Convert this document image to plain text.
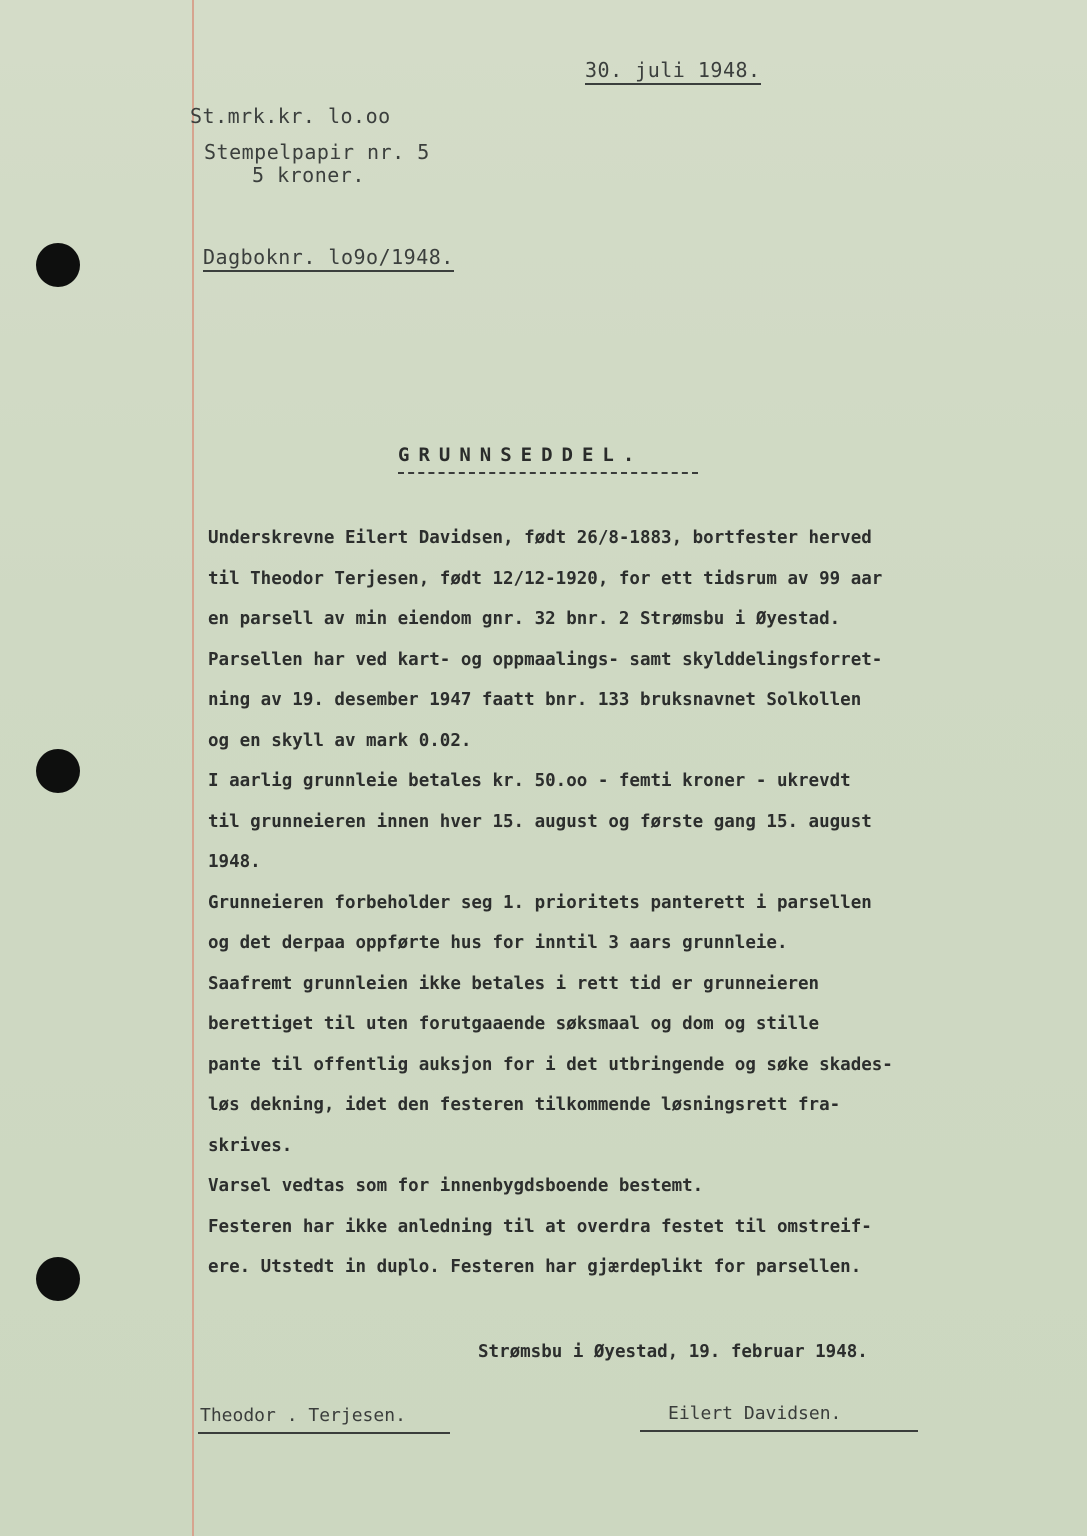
30. juli 1948.
St.mrk.kr. lo.oo
Stempelpapir nr. 5
5 kroner.
Dagboknr. lo9o/1948.
GRUNNSEDDEL.
Underskrevne Eilert Davidsen, født 26/8-1883, bortfester herved
til Theodor Terjesen, født 12/12-1920, for ett tidsrum av 99 aar
en parsell av min eiendom gnr. 32 bnr. 2 Strømsbu i Øyestad.
Parsellen har ved kart- og oppmaalings- samt skylddelingsforret-
ning av 19. desember 1947 faatt bnr. 133 bruksnavnet Solkollen
og en skyll av mark 0.02.
I aarlig grunnleie betales kr. 50.oo - femti kroner - ukrevdt
til grunneieren innen hver 15. august og første gang 15. august
1948.
Grunneieren forbeholder seg 1. prioritets panterett i parsellen
og det derpaa oppførte hus for inntil 3 aars grunnleie.
Saafremt grunnleien ikke betales i rett tid er grunneieren
berettiget til uten forutgaaende søksmaal og dom og stille
pante til offentlig auksjon for i det utbringende og søke skades-
løs dekning, idet den festeren tilkommende løsningsrett fra-
skrives.
Varsel vedtas som for innenbygdsboende bestemt.
Festeren har ikke anledning til at overdra festet til omstreif-
ere. Utstedt in duplo. Festeren har gjærdeplikt for parsellen.
Strømsbu i Øyestad, 19. februar 1948.
Theodor . Terjesen.	Eilert Davidsen.
